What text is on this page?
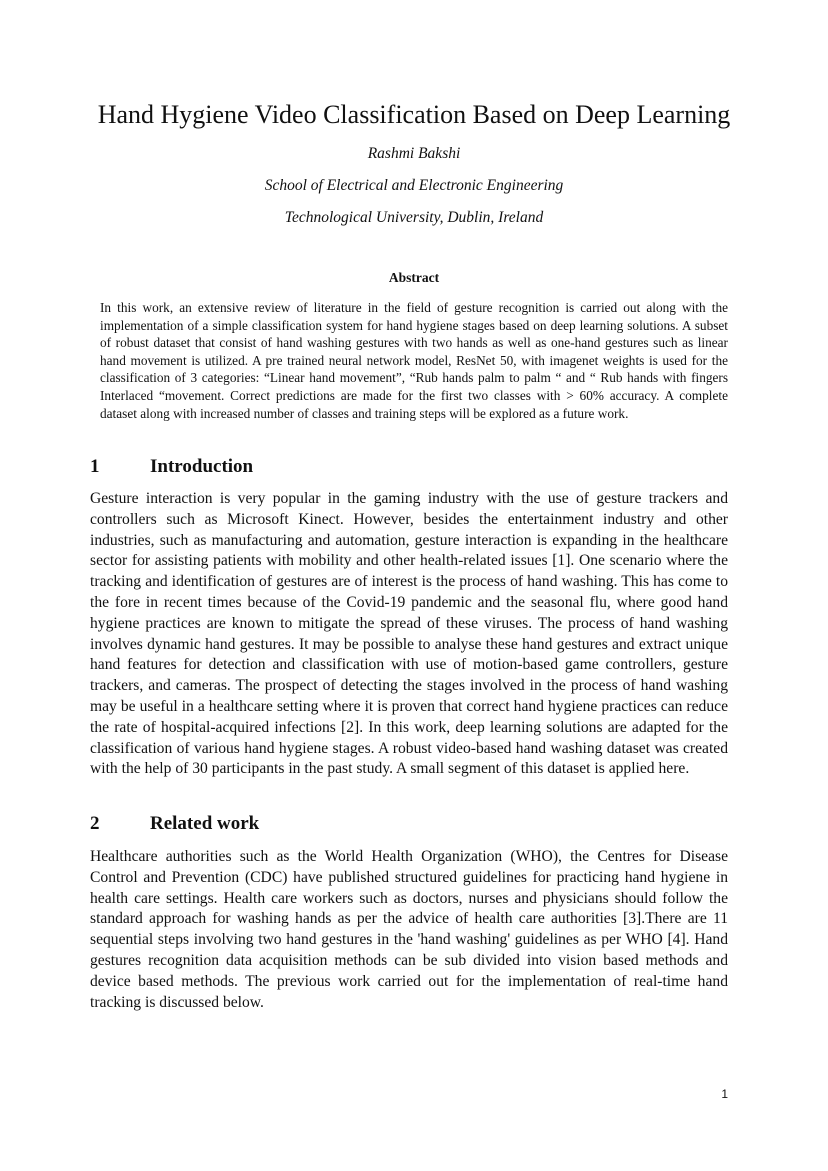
Hand Hygiene Video Classification Based on Deep Learning

Rashmi Bakshi

School of Electrical and Electronic Engineering

Technological University, Dublin, Ireland

Abstract

In this work, an extensive review of literature in the field of gesture recognition is carried out along with the implementation of a simple classification system for hand hygiene stages based on deep learning solutions. A subset of robust dataset that consist of hand washing gestures with two hands as well as one-hand gestures such as linear hand movement is utilized. A pre trained neural network model, ResNet 50, with imagenet weights is used for the classification of 3 categories: “Linear hand movement”, “Rub hands palm to palm “ and “ Rub hands with fingers Interlaced “movement. Correct predictions are made for the first two classes with > 60% accuracy. A complete dataset along with increased number of classes and training steps will be explored as a future work.

1	Introduction

Gesture interaction is very popular in the gaming industry with the use of gesture trackers and controllers such as Microsoft Kinect. However, besides the entertainment industry and other industries, such as manufacturing and automation, gesture interaction is expanding in the healthcare sector for assisting patients with mobility and other health-related issues [1]. One scenario where the tracking and identification of gestures are of interest is the process of hand washing. This has come to the fore in recent times because of the Covid-19 pandemic and the seasonal flu, where good hand hygiene practices are known to mitigate the spread of these viruses. The process of hand washing involves dynamic hand gestures. It may be possible to analyse these hand gestures and extract unique hand features for detection and classification with use of motion-based game controllers, gesture trackers, and cameras. The prospect of detecting the stages involved in the process of hand washing may be useful in a healthcare setting where it is proven that correct hand hygiene practices can reduce the rate of hospital-acquired infections [2]. In this work, deep learning solutions are adapted for the classification of various hand hygiene stages. A robust video-based hand washing dataset was created with the help of 30 participants in the past study. A small segment of this dataset is applied here.

2	Related work

Healthcare authorities such as the World Health Organization (WHO), the Centres for Disease Control and Prevention (CDC) have published structured guidelines for practicing hand hygiene in health care settings. Health care workers such as doctors, nurses and physicians should follow the standard approach for washing hands as per the advice of health care authorities [3].There are 11 sequential steps involving two hand gestures in the 'hand washing' guidelines as per WHO [4]. Hand gestures recognition data acquisition methods can be sub divided into vision based methods and device based methods. The previous work carried out for the implementation of real-time hand tracking is discussed below.

1
